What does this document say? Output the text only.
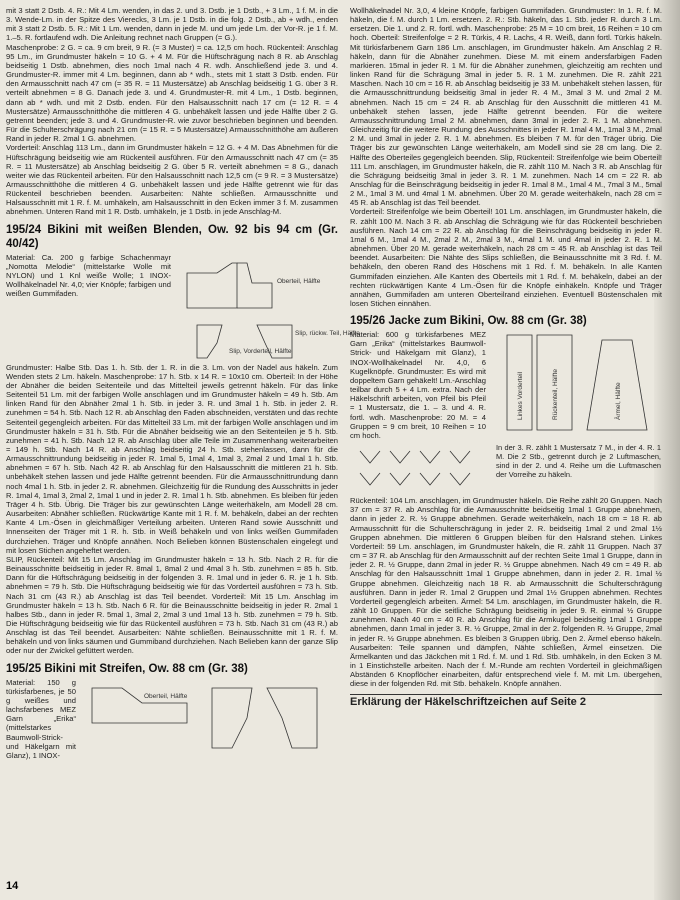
mit 3 statt 2 Dstb. 4. R.: Mit 4 Lm. wenden, in das 2. und 3. Dstb. je 1 Dstb., + 3 Lm., 1 f. M. in die 3. Wende-Lm. in der Spitze des Vierecks, 3 Lm. je 1 Dstb. in die folg. 2 Dstb., ab + wdh., enden mit 3 statt 2 Dstb. 5. R.: Mit 1 Lm. wenden, dann in jede M. und um jede Lm. der Vor-R. je 1 f. M. 1.–5. R. fortlaufend wdh. Die Anleitung rechnet nach Gruppen (= G.).

Maschenprobe: 2 G. = ca. 9 cm breit, 9 R. (= 3 Muster) = ca. 12,5 cm hoch. Rückenteil: Anschlag 95 Lm., im Grundmuster häkeln = 10 G. + 4 M. Für die Hüftschrägung nach 8 R. ab Anschlag beidseitig 1 Dstb. abnehmen, dies noch 1mal nach 4 R. wdh. Anschließend jede 3. und 4. Grundmuster-R. immer mit 4 Lm. beginnen, dann ab * wdh., stets mit 1 statt 3 Dstb. enden. Für den Armausschnitt nach 47 cm (= 35 R. = 11 Mustersätze) ab Anschlag beidseitig 1 G. über 3 R. verteilt abnehmen = 8 G. Danach jede 3. und 4. Grundmuster-R. mit 4 Lm., 1 Dstb. beginnen, dann ab * wdh. und mit 2 Dstb. enden. Für den Halsausschnitt nach 17 cm (= 12 R. = 4 Mustersätze) Armausschnitthöhe die mittleren 4 G. unbehäkelt lassen und jede Hälfte über 2 G. getrennt beenden; jede 3. und 4. Grundmuster-R. wie zuvor beschrieben beginnen und beenden. Für die Schulterschrägung nach 21 cm (= 15 R. = 5 Mustersätze) Armausschnitthöhe am äußeren Rand in jeder R. 2mal 1 G. abnehmen.

Vorderteil: Anschlag 113 Lm., dann im Grundmuster häkeln = 12 G. + 4 M. Das Abnehmen für die Hüftschrägung beidseitig wie am Rückenteil ausführen. Für den Armausschnitt nach 47 cm (= 35 R. = 11 Mustersätze) ab Anschlag beidseitig 2 G. über 5 R. verteilt abnehmen = 8 G., danach weiter wie das Rückenteil arbeiten. Für den Halsausschnitt nach 12,5 cm (= 9 R. = 3 Mustersätze) Armausschnitthöhe die mittleren 4 G. unbehäkelt lassen und jede Hälfte getrennt wie für das Rückenteil beschrieben beenden. Ausarbeiten: Nähte schließen. Armausschnitte und Halsausschnitt mit 1 R. f. M. umhäkeln, am Halsausschnitt in den Ecken immer 3 f. M. zusammen abnehmen. Unteren Rand mit 1 R. Dstb. umhäkeln, je 1 Dstb. in jede Anschlag-M.

195/24 Bikini mit weißen Blenden, Ow. 92 bis 94 cm (Gr. 40/42)

Material: Ca. 200 g farbige Schachenmayr „Nomotta Melodie“ (mittelstarke Wolle mit NYLON) und 1 Knl weiße Wolle; 1 INOX-Wollhäkelnadel Nr. 4,0; vier Knöpfe; farbigen und weißen Gummifaden.

Oberteil, Hälfte
Slip, Vorderteil, Hälfte
Slip, rückw. Teil, Hälfte

Grundmuster: Halbe Stb. Das 1. h. Stb. der 1. R. in die 3. Lm. von der Nadel aus häkeln. Zum Wenden stets 2 Lm. häkeln. Maschenprobe: 17 h. Stb. x 14 R. = 10x10 cm. Oberteil: In der Höhe der Abnäher die beiden Seitenteile und das Mittelteil jeweils getrennt häkeln. Für das linke Seitenteil 51 Lm. mit der farbigen Wolle anschlagen und im Grundmuster häkeln = 49 h. Stb. Am linken Rand für den Abnäher 2mal 1 h. Stb. in jeder 3. R. und 3mal 1 h. Stb. in jeder 2. R. zunehmen = 54 h. Stb. Nach 12 R. ab Anschlag den Faden abschneiden, verstäten und das rechte Seitenteil gegengleich arbeiten. Für das Mittelteil 33 Lm. mit der farbigen Wolle anschlagen und im Grundmuster häkeln = 31 h. Stb. Für die Abnäher beidseitig wie an den Seitenteilen je 5 h. Stb. zunehmen = 41 h. Stb. Nach 12 R. ab Anschlag über alle Teile im Zusammenhang weiterarbeiten = 149 h. Stb. Nach 14 R. ab Anschlag beidseitig 24 h. Stb. stehenlassen, dann für die Armausschnittrundung beidseitig in jeder R. 1mal 5, 1mal 4, 1mal 3, 2mal 2 und 1mal 1 h. Stb. abnehmen = 67 h. Stb. Nach 42 R. ab Anschlag für den Halsausschnitt die mittleren 21 h. Stb. unbehäkelt stehen lassen und jede Hälfte getrennt beenden. Für die Armausschnittrundung dann noch 4mal 1 h. Stb. in jeder 2. R. abnehmen. Gleichzeitig für die Rundung des Ausschnitts in jeder R. 1mal 4, 1mal 3, 2mal 2, 1mal 1 und in jeder 2. R. 1mal 1 h. Stb. abnehmen. Es bleiben für jeden Träger 4 h. Stb. Übrig. Die Träger bis zur gewünschten Länge weiterhäkeln, am Modell 28 cm. Ausarbeiten: Abnäher schließen. Rückwärtige Kante mit 1 R. f. M. behäkeln, dabei an der rechten Kante 4 Lm.-Ösen in gleichmäßiger Verteilung arbeiten. Unteren Rand sowie Ausschnitt und Innenseiten der Träger mit 1 R. h. Stb. in Weiß behäkeln und von links weißen Gummifaden durchziehen. Träger und Knöpfe annähen. Noch Belieben können Büstenschalen eingelegt und mit losen Stichen angeheftet werden.

SLIP, Rückenteil: Mit 15 Lm. Anschlag im Grundmuster häkeln = 13 h. Stb. Nach 2 R. für die Beinausschnitte beidseitig in jeder R. 8mal 1, 8mal 2 und 4mal 3 h. Stb. zunehmen = 85 h. Stb. Dann für die Hüftschrägung beidseitig in der folgenden 3. R. 1mal und in jeder 6. R. je 1 h. Stb. abnehmen = 79 h. Stb. Die Hüftschrägung beidseitig wie für das Vorderteil ausführen = 73 h. Stb. Nach 31 cm (43 R.) ab Anschlag ist das Teil beendet. Vorderteil: Mit 15 Lm. Anschlag im Grundmuster häkeln = 13 h. Stb. Nach 6 R. für die Beinausschnitte beidseitig in jeder R. 2mal 1 halbes Stb., dann in jeder R. 5mal 1, 3mal 2, 2mal 3 und 1mal 13 h. Stb. zunehmen = 79 h. Stb. Die Hüftschrägung beidseitig wie für das Rückenteil ausführen = 73 h. Stb. Nach 31 cm (43 R.) ab Anschlag ist das Teil beendet. Ausarbeiten: Nähte schließen. Beinausschnitte mit 1 R. f. M. behäkeln und von links säumen und Gummiband durchziehen. Nach Belieben kann der ganze Slip oder nur der Zwickel gefüttert werden.

195/25 Bikini mit Streifen, Ow. 88 cm (Gr. 38)

Material: 150 g türkisfarbenes, je 50 g weißes und lachsfarbenes MEZ Garn „Erika“ (mittelstarkes Baumwoll-Strick- und Häkelgarn mit Glanz), 1 INOX-

Oberteil, Hälfte

Wollhäkelnadel Nr. 3,0, 4 kleine Knöpfe, farbigen Gummifaden. Grundmuster: In 1. R. f. M. häkeln, die f. M. durch 1 Lm. ersetzen. 2. R.: Stb. häkeln, das 1. Stb. jeder R. durch 3 Lm. ersetzen. Die 1. und 2. R. fortl. wdh. Maschenprobe: 25 M = 10 cm breit, 16 Reihen = 10 cm hoch. Oberteil: Streifenfolge = 2 R. Türkis, 4 R. Lachs, 4 R. Weiß, dann fortl. Türkis häkeln. Mit türkisfarbenem Garn 186 Lm. anschlagen, im Grundmuster häkeln. Am Anschlag 2 R. häkeln, dann für die Abnäher zunehmen. Diese M. mit einem andersfarbigen Faden markieren. 15mal in jeder R. 1 M. für die Abnäher zunehmen, gleichzeitig am rechten und linken Rand für die Schrägung 3mal in jeder 5. R. 1 M. zunehmen. Die R. zählt 221 Maschen. Nach 10 cm = 16 R. ab Anschlag beidseitig je 33 M. unbehäkelt stehen lassen, für die Armausschnittrundung beidseitig 3mal in jeder R. 4 M., 3mal 3 M. und 2mal 2 M. abnehmen. Nach 15 cm = 24 R. ab Anschlag für den Ausschnitt die mittleren 41 M. unbehäkelt stehen lassen, jede Hälfte getrennt beenden. Für die weitere Armausschnittrundung 1mal 2 M. abnehmen, dann 3mal in jeder 2. R. 1 M. abnehmen. Gleichzeitig für die weitere Rundung des Ausschnittes in jeder R. 1mal 4 M., 1mal 3 M., 2mal 2 M. und 3mal in jeder 2. R. 1 M. abnehmen. Es bleiben 7 M. für den Träger übrig. Die Träger bis zur gewünschten Länge weiterhäkeln, am Modell sind sie 28 cm lang. Die 2. Hälfte des Oberteiles gegengleich beenden. Slip, Rückenteil: Streifenfolge wie beim Oberteil! 111 Lm. anschlagen, im Grundmuster häkeln, die R. zählt 110 M. Nach 3 R. ab Anschlag für die Schrägung beidseitig 3mal in jeder 3. R. 1 M. zunehmen. Nach 14 cm = 22 R. ab Anschlag für die Beinschrägung beidseitig in jeder R. 1mal 8 M., 1mal 4 M., 7mal 3 M., 5mal 2 M., 1mal 3 M. und 4mal 1 M. abnehmen. Über 20 M. gerade weiterhäkeln, nach 28 cm = 45 R. ab Anschlag ist das Teil beendet.

Vorderteil: Streifenfolge wie beim Oberteil! 101 Lm. anschlagen, im Grundmuster häkeln, die R. zählt 100 M. Nach 3 R. ab Anschlag die Schrägung wie für das Rückenteil beschrieben ausführen. Nach 14 cm = 22 R. ab Anschlag für die Beinschrägung beidseitig in jeder R. 1mal 6 M., 1mal 4 M., 2mal 2 M., 2mal 3 M., 4mal 1 M. und 4mal in jeder 2. R. 1 M. abnehmen. Über 20 M. gerade weiterhäkeln, nach 28 cm = 45 R. ab Anschlag ist das Teil beendet. Ausarbeiten: Die Nähte des Slips schließen, die Beinausschnitte mit 3 Rd. f. M. behäkeln, den oberen Rand des Höschens mit 1 Rd. f. M. behäkeln. In alle Kanten Gummifaden einziehen. Alle Kanten des Oberteils mit 1 Rd. f. M. behäkeln, dabei an der rechten rückwärtigen Kante 4 Lm.-Ösen für die Knöpfe einhäkeln. Knöpfe und Träger annähen, Gummifaden am unteren Oberteilrand einziehen. Eventuell Büstenschalen mit losen Stichen einnähen.

195/26 Jacke zum Bikini, Ow. 88 cm (Gr. 38)

Material: 600 g türkisfarbenes MEZ Garn „Erika“ (mittelstarkes Baumwoll-Strick- und Häkelgarn mit Glanz), 1 INOX-Wollhäkelnadel Nr. 4,0, 6 Kugelknöpfe. Grundmuster: Es wird mit doppeltem Garn gehäkelt! Lm.-Anschlag teilbar durch 5 + 4 Lm. extra. Nach der Häkelschrift arbeiten, von Pfeil bis Pfeil = 1 Mustersatz, die 1. – 3. und 4. R. fortl. wdh. Maschenprobe: 20 M. = 4 Gruppen = 9 cm breit, 10 Reihen = 10 cm hoch.

Linkes Vorderteil	Rückenteil, Hälfte	Ärmel, Hälfte

In der 3. R. zählt 1 Mustersatz 7 M., in der 4. R. 1 M. Die 2 Stb., getrennt durch je 2 Luftmaschen, sind in der 2. und 4. Reihe um die Luftmaschen der Vorreihe zu häkeln.

Rückenteil: 104 Lm. anschlagen, im Grundmuster häkeln. Die Reihe zählt 20 Gruppen. Nach 37 cm = 37 R. ab Anschlag für die Armausschnitte beidseitig 1mal 1 Gruppe abnehmen, dann in jeder 2. R. ½ Gruppe abnehmen. Gerade weiterhäkeln, nach 18 cm = 18 R. ab Armausschnitt für die Schulterschrägung in jeder 2. R. beidseitig 1mal 2 und 2mal 1½ Gruppen abnehmen. Die mittleren 6 Gruppen bleiben für den Halsrand stehen. Linkes Vorderteil: 59 Lm. anschlagen, im Grundmuster häkeln, die R. zählt 11 Gruppen. Nach 37 cm = 37 R. ab Anschlag für den Armausschnitt auf der rechten Seite 1mal 1 Gruppe, dann in jeder 2. R. ½ Gruppe, dann 2mal in jeder R. ½ Gruppe abnehmen. Nach 49 cm = 49 R. ab Anschlag für den Halsausschnitt 1mal 1 Gruppe abnehmen, dann in jeder 2. R. 1mal ½ Gruppe abnehmen. Gleichzeitig nach 18 R. ab Armausschnitt die Schulterschrägung ausführen. Dann in jeder R. 1mal 2 Gruppen und 2mal 1½ Gruppen abnehmen. Rechtes Vorderteil gegengleich arbeiten. Ärmel: 54 Lm. anschlagen, im Grundmuster häkeln, die R. zählt 10 Gruppen. Für die seitliche Schrägung beidseitig in jeder 9. R. einmal ½ Gruppe zunehmen. Nach 40 cm = 40 R. ab Anschlag für die Armkugel beidseitig 1mal 1 Gruppe abnehmen, dann 1mal in jeder 3. R. ½ Gruppe, 2mal in der 2. folgenden R. ½ Gruppe, 2mal in jeder R. ½ Gruppe abnehmen. Es bleiben 3 Gruppen übrig. Den 2. Ärmel ebenso häkeln. Ausarbeiten: Teile spannen und dämpfen, Nähte schließen, Ärmel einsetzen. Die Ärmelkanten und das Jäckchen mit 1 Rd. f. M. und 1 Rd. Stb. umhäkeln, in den Ecken 3 M. in 1 Einstichstelle arbeiten. Nach der f. M.-Runde am rechten Vorderteil in gleichmäßigen Abständen 6 Knopflöcher einarbeiten, dafür entsprechend viele f. M. mit Lm. übergehen, diese in der folgenden Rd. mit Stb. behäkeln. Knöpfe annähen.

Erklärung der Häkelschriftzeichen auf Seite 2
14
